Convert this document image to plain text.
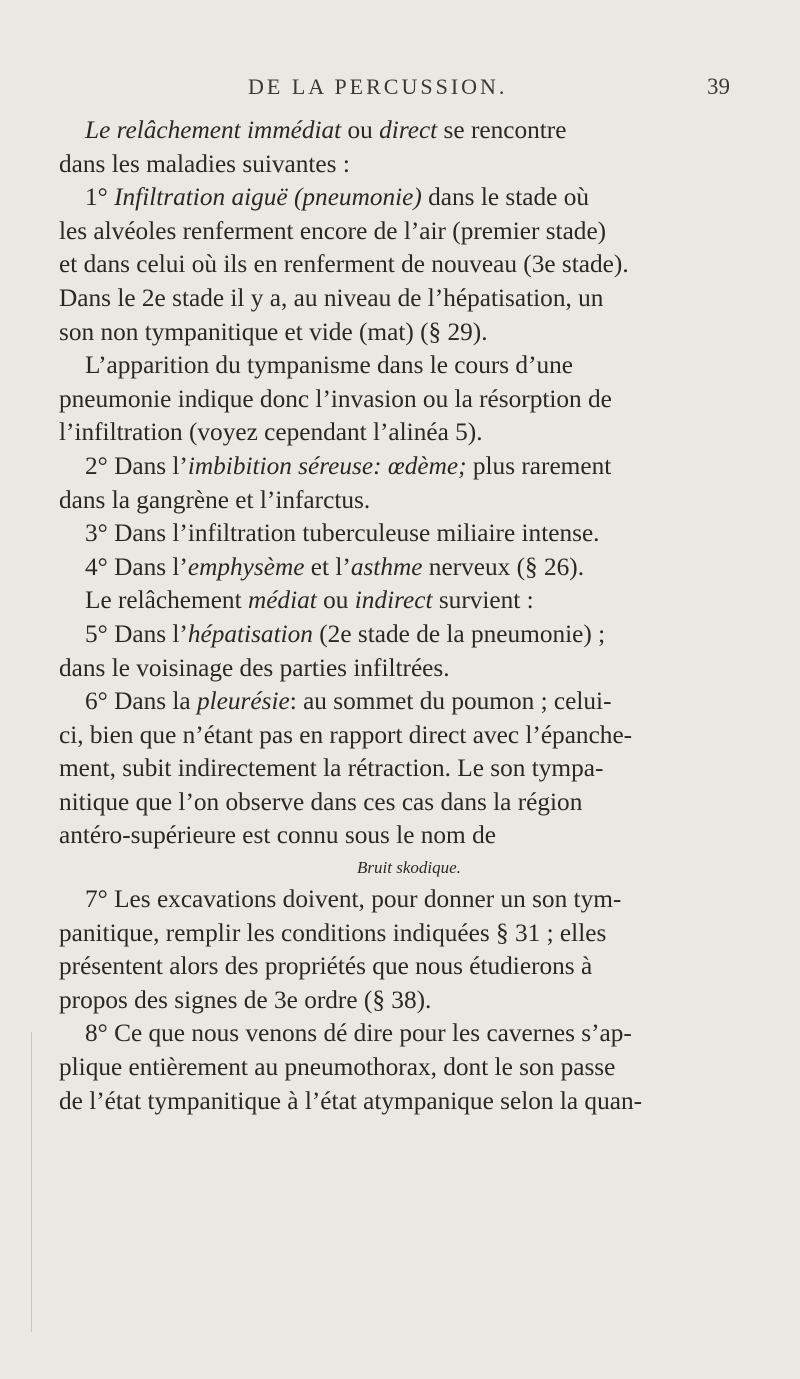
DE LA PERCUSSION.	39
Le relâchement immédiat ou direct se rencontre
dans les maladies suivantes :
1° Infiltration aiguë (pneumonie) dans le stade où
les alvéoles renferment encore de l’air (premier stade)
et dans celui où ils en renferment de nouveau (3e stade).
Dans le 2e stade il y a, au niveau de l’hépatisation, un
son non tympanitique et vide (mat) (§ 29).
L’apparition du tympanisme dans le cours d’une
pneumonie indique donc l’invasion ou la résorption de
l’infiltration (voyez cependant l’alinéa 5).
2° Dans l’imbibition séreuse: œdème; plus rarement
dans la gangrène et l’infarctus.
3° Dans l’infiltration tuberculeuse miliaire intense.
4° Dans l’emphysème et l’asthme nerveux (§ 26).
Le relâchement médiat ou indirect survient :
5° Dans l’hépatisation (2e stade de la pneumonie) ;
dans le voisinage des parties infiltrées.
6° Dans la pleurésie: au sommet du poumon ; celui-
ci, bien que n’étant pas en rapport direct avec l’épanche-
ment, subit indirectement la rétraction. Le son tympa-
nitique que l’on observe dans ces cas dans la région
antéro-supérieure est connu sous le nom de
Bruit skodique.
7° Les excavations doivent, pour donner un son tym-
panitique, remplir les conditions indiquées § 31 ; elles
présentent alors des propriétés que nous étudierons à
propos des signes de 3e ordre (§ 38).
8° Ce que nous venons dé dire pour les cavernes s’ap-
plique entièrement au pneumothorax, dont le son passe
de l’état tympanitique à l’état atympanique selon la quan-
